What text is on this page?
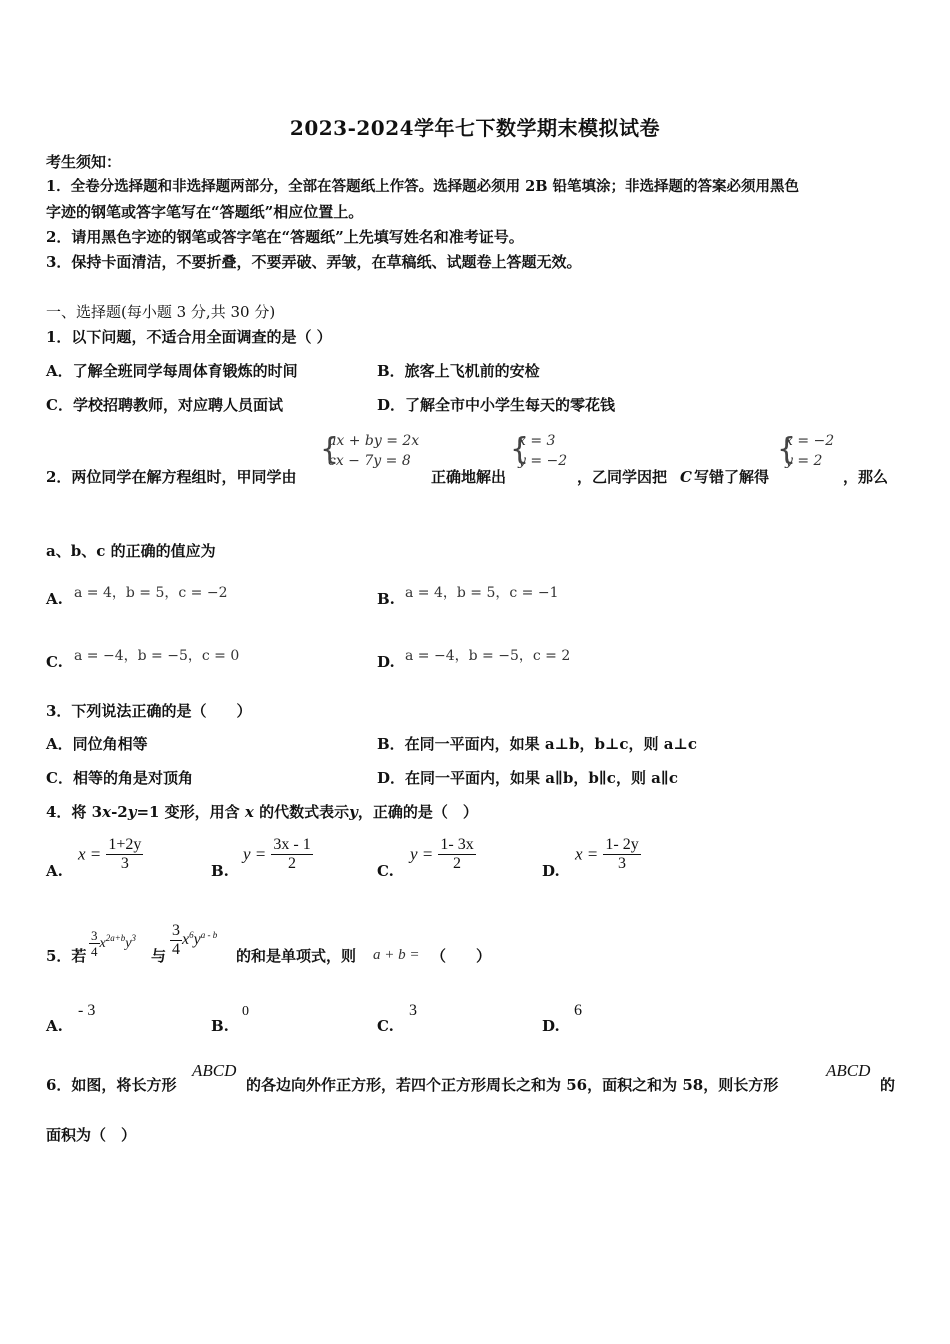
2023-2024学年七下数学期末模拟试卷
考生须知：
1．全卷分选择题和非选择题两部分，全部在答题纸上作答。选择题必须用 2B 铅笔填涂；非选择题的答案必须用黑色
字迹的钢笔或答字笔写在“答题纸”相应位置上。
2．请用黑色字迹的钢笔或答字笔在“答题纸”上先填写姓名和准考证号。
3．保持卡面清洁，不要折叠，不要弄破、弄皱，在草稿纸、试题卷上答题无效。
一、选择题(每小题 3 分,共 30 分)
1．以下问题，不适合用全面调查的是（ ）
A．了解全班同学每周体育锻炼的时间	B．旅客上飞机前的安检
C．学校招聘教师，对应聘人员面试	D．了解全市中小学生每天的零花钱
2．两位同学在解方程组时，甲同学由
{
ax + by = 2x
cx − 7y = 8
正确地解出
{
x = 3
y = −2
，乙同学因把 C 写错了解得
{
x = −2
y = 2
，那么
a、b、c 的正确的值应为
A. a = 4，b = 5，c = −2	B. a = 4，b = 5，c = −1
C. a = −4，b = −5，c = 0	D. a = −4，b = −5，c = 2
3．下列说法正确的是（　　）
A．同位角相等	B．在同一平面内，如果 a⊥b，b⊥c，则 a⊥c
C．相等的角是对顶角	D．在同一平面内，如果 a∥b，b∥c，则 a∥c
4．将 3x-2y=1 变形，用含 x 的代数式表示y，正确的是（　）
A.
$x = \frac{1+2y}{3}$	B.
$y = \frac{3x - 1}{2}$	C.
$y = \frac{1- 3x}{2}$	D.
$x = \frac{1- 2y}{3}$
5．若 $\frac{3}{4} x^{2a+b}y^3$
与 $\frac{3}{4} x^6y^{a - b}$
的和是单项式，则 a + b = （　　）
A.
- 3
B.
0
C.
3
D.
6
6．如图，将长方形
ABCD
的各边向外作正方形，若四个正方形周长之和为 56，面积之和为 58，则长方形
ABCD
的
面积为（　）
